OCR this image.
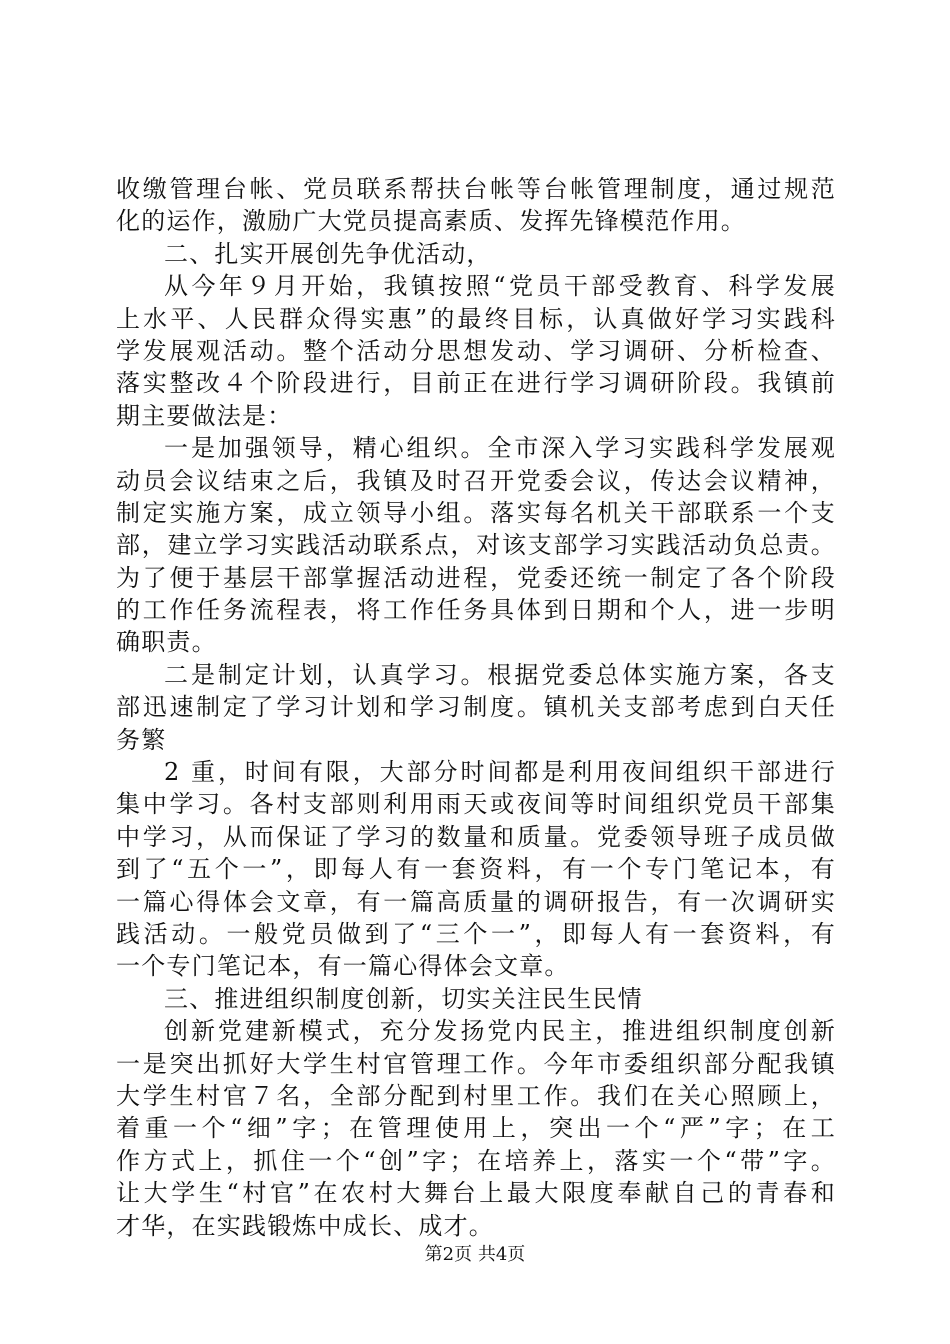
收缴管理台帐、党员联系帮扶台帐等台帐管理制度，通过规范
化的运作，激励广大党员提高素质、发挥先锋模范作用。
二、扎实开展创先争优活动，
从今年９月开始，我镇按照“党员干部受教育、科学发展
上水平、人民群众得实惠”的最终目标，认真做好学习实践科
学发展观活动。整个活动分思想发动、学习调研、分析检查、
落实整改４个阶段进行，目前正在进行学习调研阶段。我镇前
期主要做法是：
一是加强领导，精心组织。全市深入学习实践科学发展观
动员会议结束之后，我镇及时召开党委会议，传达会议精神，
制定实施方案，成立领导小组。落实每名机关干部联系一个支
部，建立学习实践活动联系点，对该支部学习实践活动负总责。
为了便于基层干部掌握活动进程，党委还统一制定了各个阶段
的工作任务流程表，将工作任务具体到日期和个人，进一步明
确职责。
二是制定计划，认真学习。根据党委总体实施方案，各支
部迅速制定了学习计划和学习制度。镇机关支部考虑到白天任
务繁
2 重，时间有限，大部分时间都是利用夜间组织干部进行
集中学习。各村支部则利用雨天或夜间等时间组织党员干部集
中学习，从而保证了学习的数量和质量。党委领导班子成员做
到了“五个一”，即每人有一套资料，有一个专门笔记本，有
一篇心得体会文章，有一篇高质量的调研报告，有一次调研实
践活动。一般党员做到了“三个一”，即每人有一套资料，有
一个专门笔记本，有一篇心得体会文章。
三、推进组织制度创新，切实关注民生民情
创新党建新模式，充分发扬党内民主，推进组织制度创新
一是突出抓好大学生村官管理工作。今年市委组织部分配我镇
大学生村官７名，全部分配到村里工作。我们在关心照顾上，
着重一个“细”字；在管理使用上，突出一个“严”字；在工
作方式上，抓住一个“创”字；在培养上，落实一个“带”字。
让大学生“村官”在农村大舞台上最大限度奉献自己的青春和
才华，在实践锻炼中成长、成才。
第2页 共4页
